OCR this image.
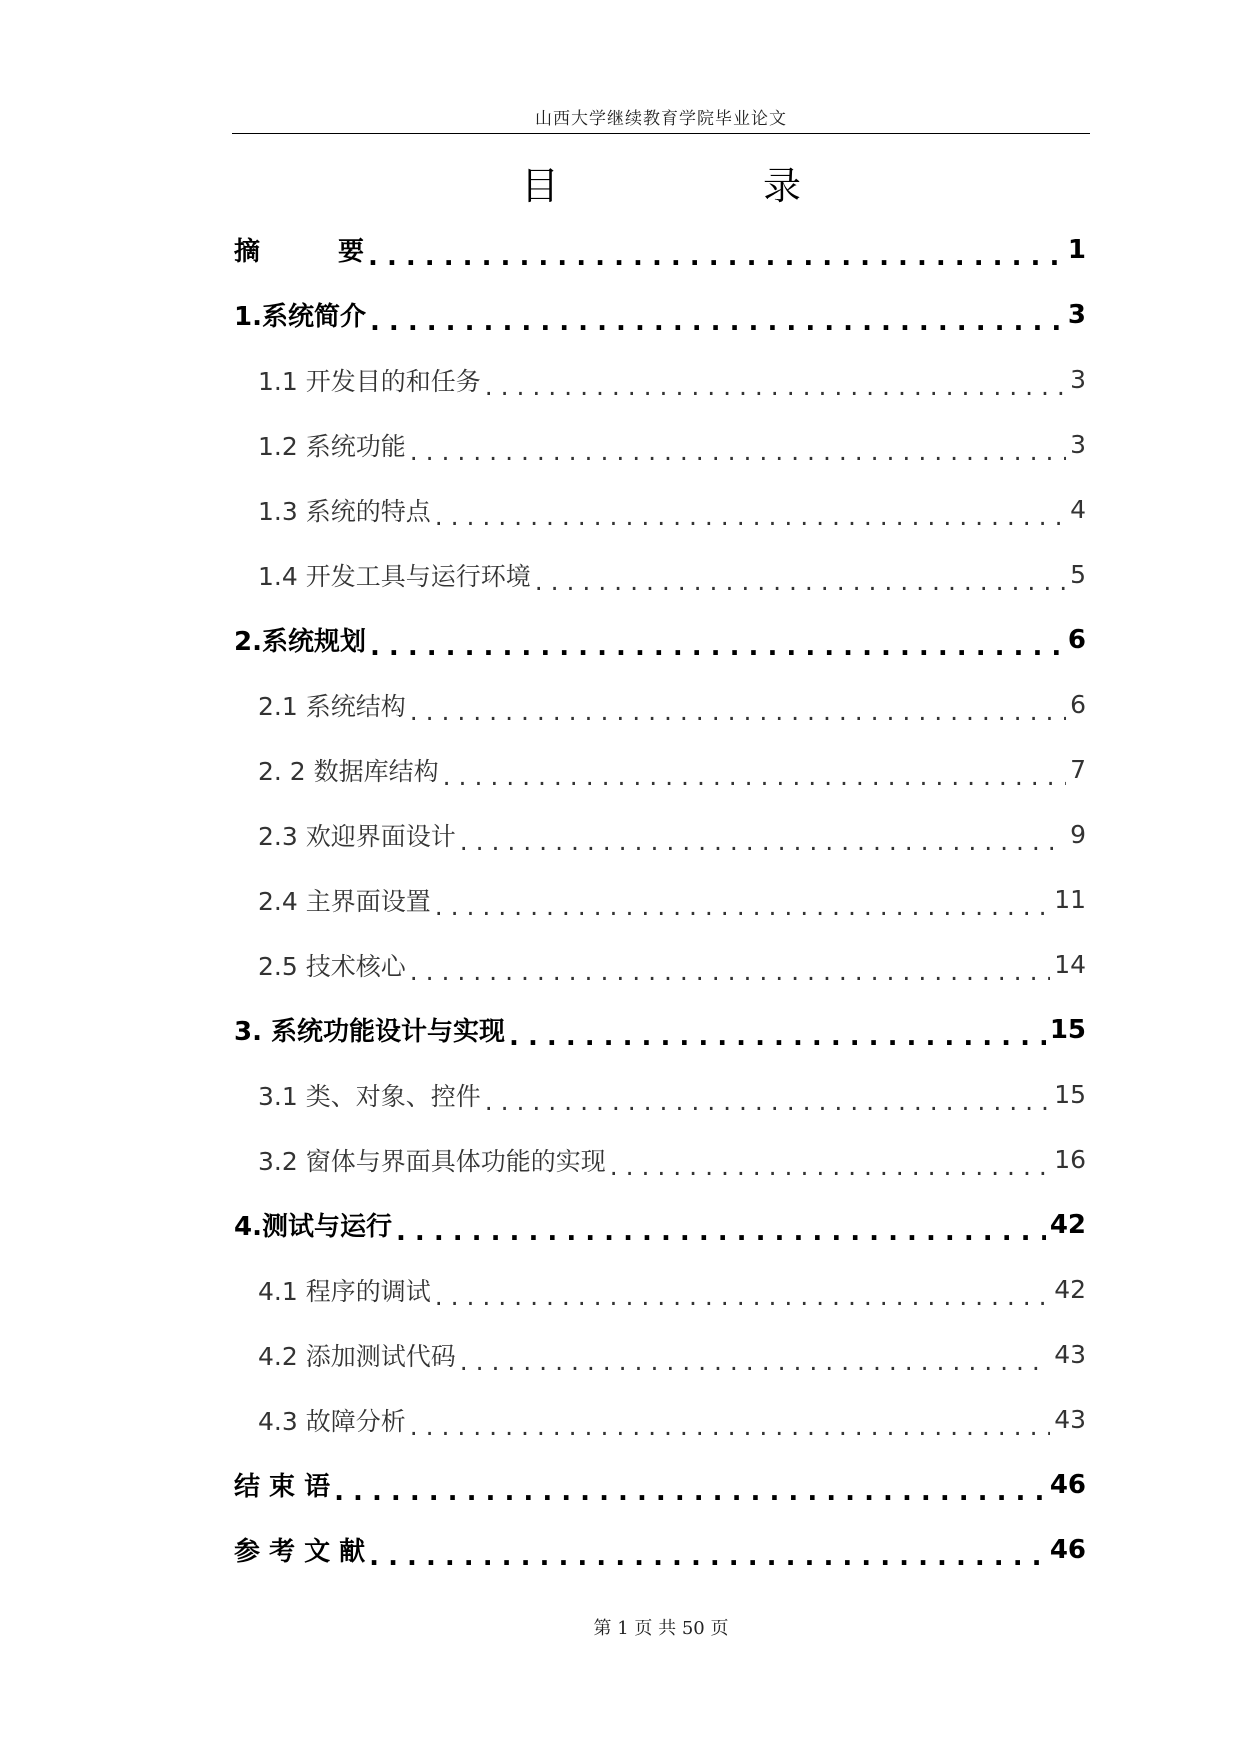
山西大学继续教育学院毕业论文
目 录
摘　　　要 . . .	1
1.系统简介 . . .	3
1.1 开发目的和任务 . . .	3
1.2 系统功能 . . .	3
1.3 系统的特点 . . .	4
1.4 开发工具与运行环境 . . .	5
2.系统规划 . . .	6
2.1 系统结构 . . .	6
2. 2 数据库结构 . . .	7
2.3 欢迎界面设计 . . .	9
2.4 主界面设置 . . .	11
2.5 技术核心 . . .	14
3. 系统功能设计与实现 . . .	15
3.1 类、对象、控件 . . .	15
3.2 窗体与界面具体功能的实现 . . .	16
4.测试与运行 . . .	42
4.1 程序的调试 . . .	42
4.2 添加测试代码 . . .	43
4.3 故障分析 . . .	43
结 束 语 . . .	46
参 考 文 献 . . .	46
第 1 页 共 50 页
